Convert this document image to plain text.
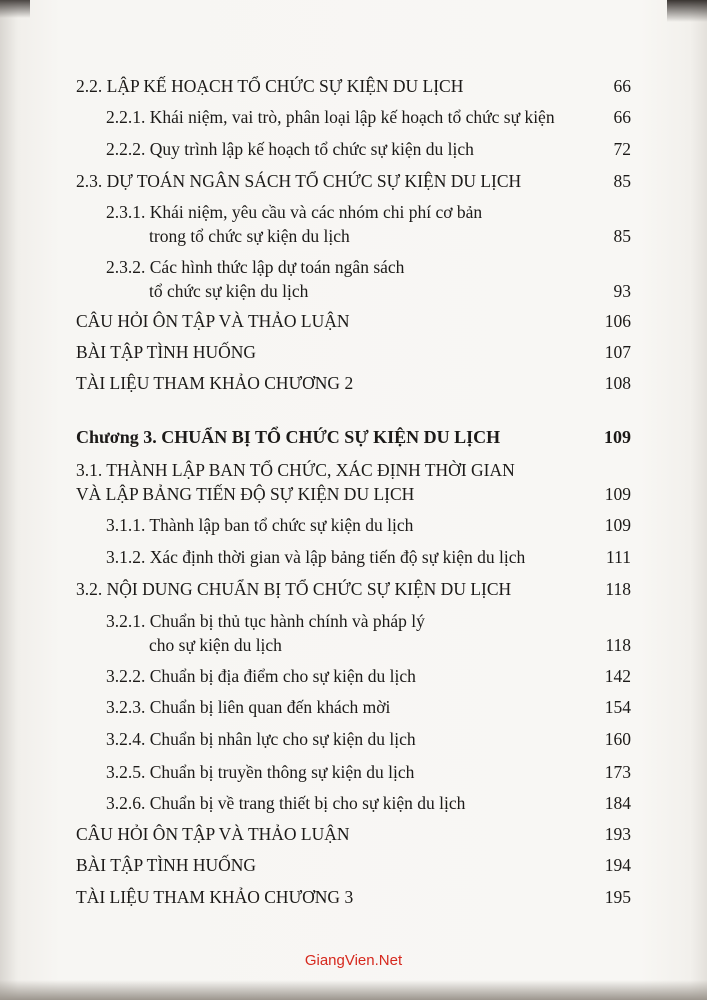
2.2. LẬP KẾ HOẠCH TỔ CHỨC SỰ KIỆN DU LỊCH	66
2.2.1. Khái niệm, vai trò, phân loại lập kế hoạch tổ chức sự kiện	66
2.2.2. Quy trình lập kế hoạch tổ chức sự kiện du lịch	72
2.3. DỰ TOÁN NGÂN SÁCH TỔ CHỨC SỰ KIỆN DU LỊCH	85
2.3.1. Khái niệm, yêu cầu và các nhóm chi phí cơ bản
trong tổ chức sự kiện du lịch	85
2.3.2. Các hình thức lập dự toán ngân sách
tổ chức sự kiện du lịch	93
CÂU HỎI ÔN TẬP VÀ THẢO LUẬN	106
BÀI TẬP TÌNH HUỐNG	107
TÀI LIỆU THAM KHẢO CHƯƠNG 2	108
Chương 3. CHUẨN BỊ TỔ CHỨC SỰ KIỆN DU LỊCH	109
3.1. THÀNH LẬP BAN TỔ CHỨC, XÁC ĐỊNH THỜI GIAN
VÀ LẬP BẢNG TIẾN ĐỘ SỰ KIỆN DU LỊCH	109
3.1.1. Thành lập ban tổ chức sự kiện du lịch	109
3.1.2. Xác định thời gian và lập bảng tiến độ sự kiện du lịch	111
3.2. NỘI DUNG CHUẨN BỊ TỔ CHỨC SỰ KIỆN DU LỊCH	118
3.2.1. Chuẩn bị thủ tục hành chính và pháp lý
cho sự kiện du lịch	118
3.2.2. Chuẩn bị địa điểm cho sự kiện du lịch	142
3.2.3. Chuẩn bị liên quan đến khách mời	154
3.2.4. Chuẩn bị nhân lực cho sự kiện du lịch	160
3.2.5. Chuẩn bị truyền thông sự kiện du lịch	173
3.2.6. Chuẩn bị về trang thiết bị cho sự kiện du lịch	184
CÂU HỎI ÔN TẬP VÀ THẢO LUẬN	193
BÀI TẬP TÌNH HUỐNG	194
TÀI LIỆU THAM KHẢO CHƯƠNG 3	195
GiangVien.Net
